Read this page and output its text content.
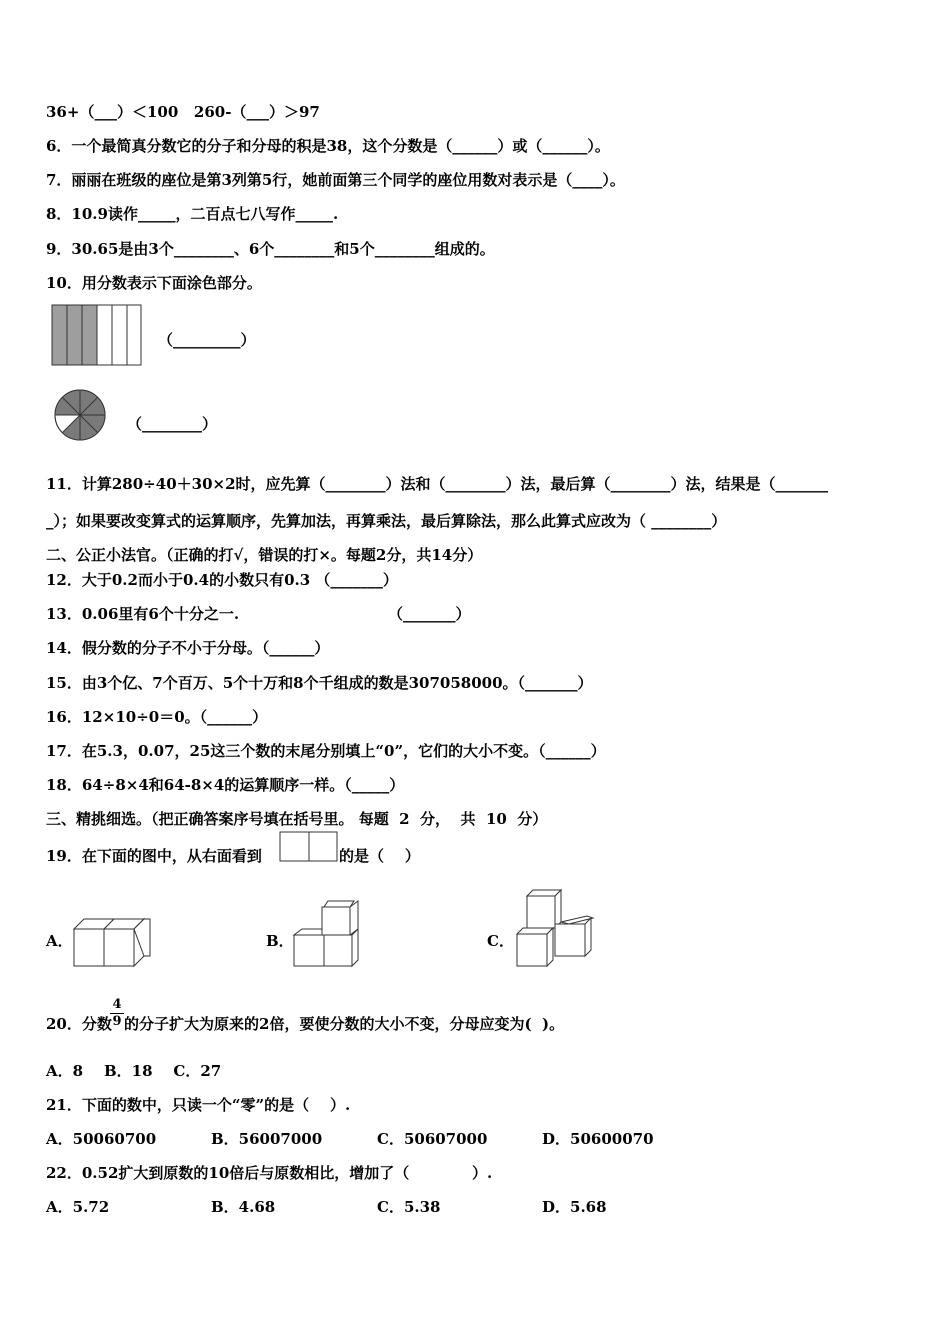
36+（___）＜100   260-（___）＞97
6．一个最简真分数它的分子和分母的积是38，这个分数是（______）或（______）。
7．丽丽在班级的座位是第3列第5行，她前面第三个同学的座位用数对表示是（____）。
8．10.9读作_____，二百点七八写作_____.
9．30.65是由3个________、6个________和5个________组成的。
10．用分数表示下面涂色部分。
（_________）
（________）
11．计算280÷40＋30×2时，应先算（________）法和（________）法，最后算（________）法，结果是（_______
_）；如果要改变算式的运算顺序，先算加法，再算乘法，最后算除法，那么此算式应改为（ ________）
二、公正小法官。（正确的打√，错误的打×。每题2分，共14分）
12．大于0.2而小于0.4的小数只有0.3 （_______）
13．0.06里有6个十分之一.	（_______）
14．假分数的分子不小于分母。（______）
15．由3个亿、7个百万、5个十万和8个千组成的数是307058000。（_______）
16．12×10÷0＝0。（______）
17．在5.3，0.07，25这三个数的末尾分别填上“0”，它们的大小不变。（______）
18．64÷8×4和64-8×4的运算顺序一样。（_____）
三、精挑细选。（把正确答案序号填在括号里。 每题  2  分，  共  10  分）
19．在下面的图中，从右面看到	的是（    ）
A．	B．	C．
20．分数
$\frac{4}{9}$ 的分子扩大为原来的2倍，要使分数的大小不变，分母应变为(  )。
A．8    B．18    C．27
21．下面的数中，只读一个“零”的是（    ）.
A．50060700	B．56007000	C．50607000	D．50600070
22．0.52扩大到原数的10倍后与原数相比，增加了（            ）.
A．5.72	B．4.68	C．5.38	D．5.68
